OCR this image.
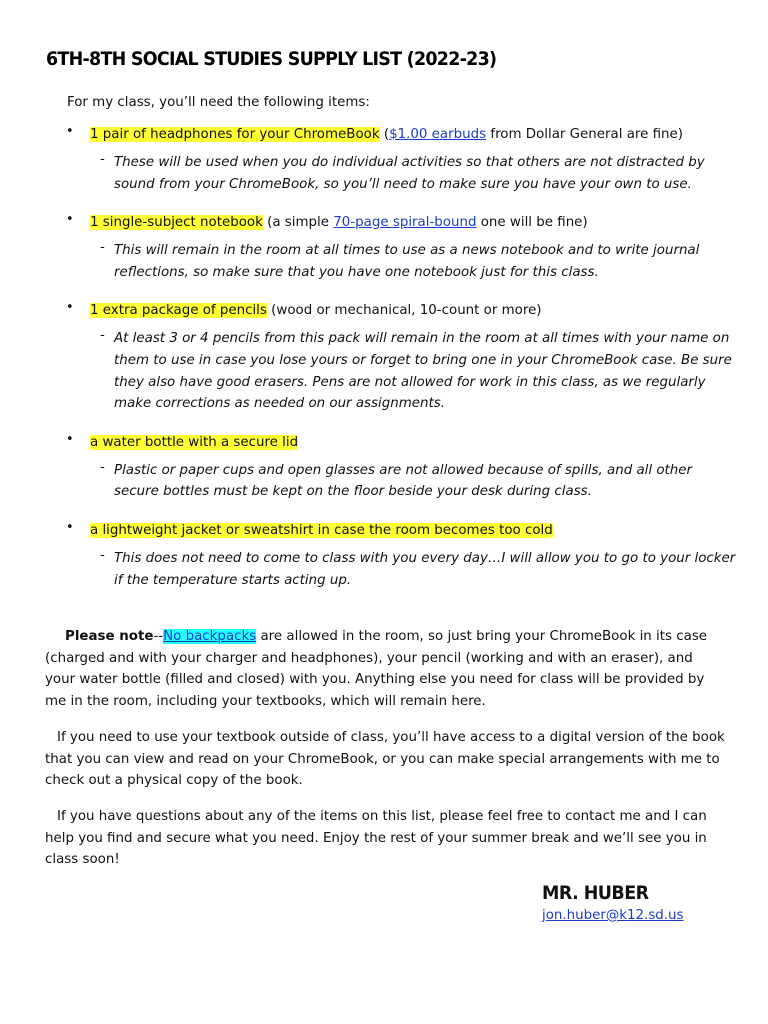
6TH-8TH SOCIAL STUDIES SUPPLY LIST (2022-23)
For my class, you’ll need the following items:
• 1 pair of headphones for your ChromeBook ($1.00 earbuds from Dollar General are fine)
- These will be used when you do individual activities so that others are not distracted by sound from your ChromeBook, so you’ll need to make sure you have your own to use.
• 1 single-subject notebook (a simple 70-page spiral-bound one will be fine)
- This will remain in the room at all times to use as a news notebook and to write journal reflections, so make sure that you have one notebook just for this class.
• 1 extra package of pencils (wood or mechanical, 10-count or more)
- At least 3 or 4 pencils from this pack will remain in the room at all times with your name on them to use in case you lose yours or forget to bring one in your ChromeBook case. Be sure they also have good erasers. Pens are not allowed for work in this class, as we regularly make corrections as needed on our assignments.
• a water bottle with a secure lid
- Plastic or paper cups and open glasses are not allowed because of spills, and all other secure bottles must be kept on the floor beside your desk during class.
• a lightweight jacket or sweatshirt in case the room becomes too cold
- This does not need to come to class with you every day…I will allow you to go to your locker if the temperature starts acting up.
Please note--No backpacks are allowed in the room, so just bring your ChromeBook in its case (charged and with your charger and headphones), your pencil (working and with an eraser), and your water bottle (filled and closed) with you. Anything else you need for class will be provided by me in the room, including your textbooks, which will remain here.
If you need to use your textbook outside of class, you’ll have access to a digital version of the book that you can view and read on your ChromeBook, or you can make special arrangements with me to check out a physical copy of the book.
If you have questions about any of the items on this list, please feel free to contact me and I can help you find and secure what you need. Enjoy the rest of your summer break and we’ll see you in class soon!
MR. HUBER
jon.huber@k12.sd.us
